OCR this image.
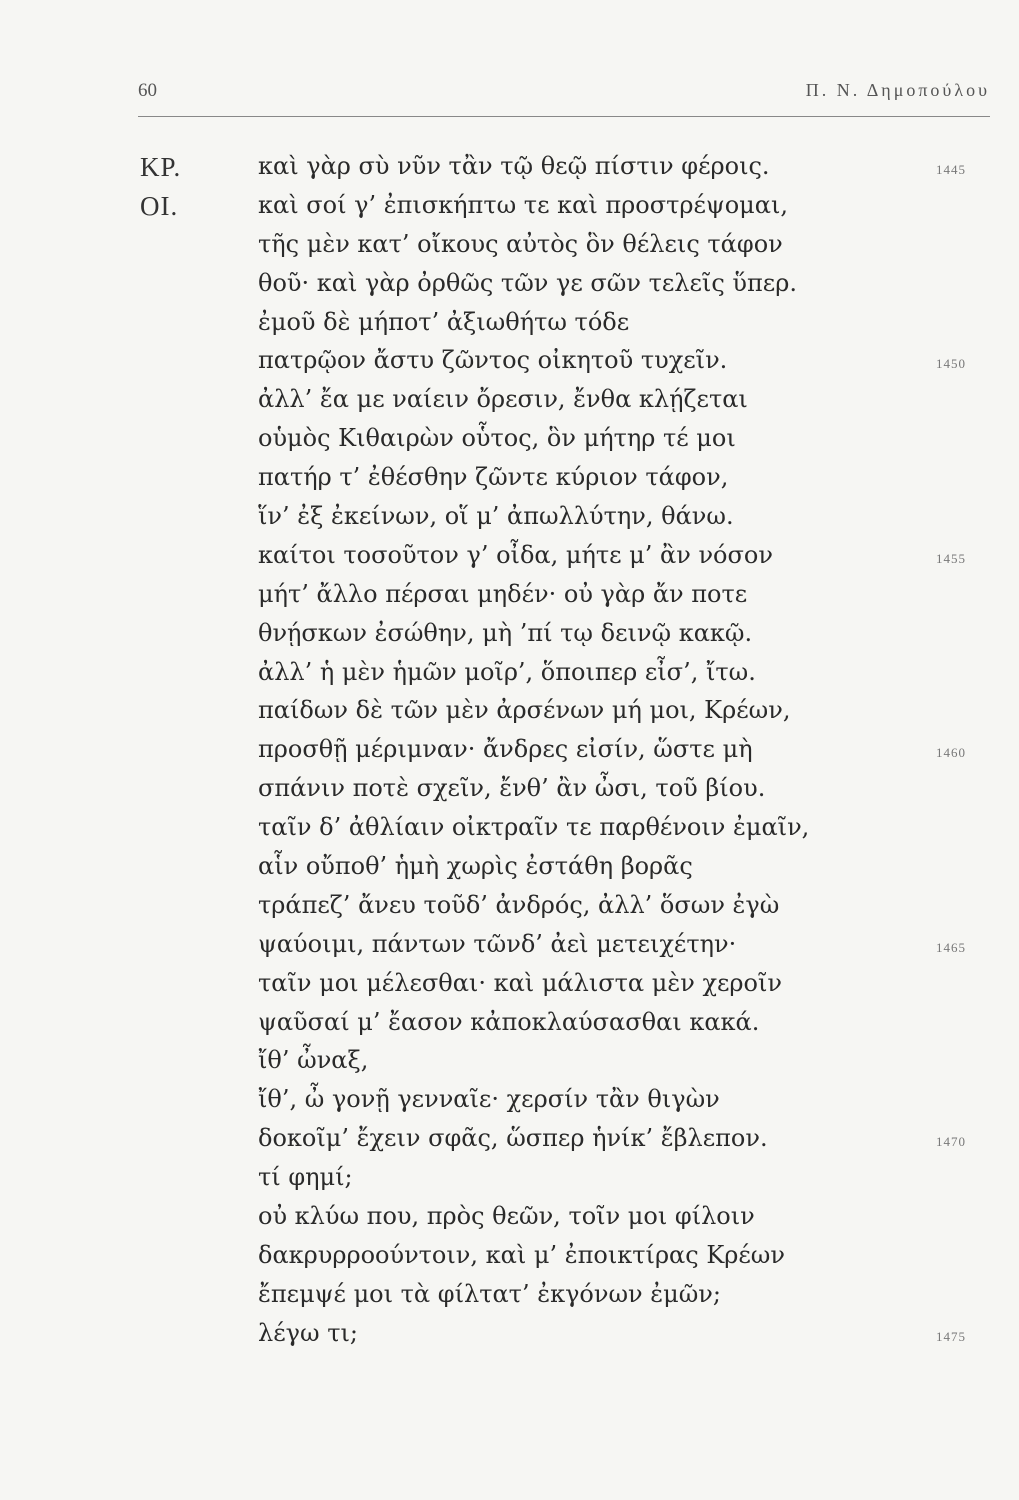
60	Π. Ν. Δημοπούλου
ΚΡ.	καὶ γὰρ σὺ νῦν τἂν τῷ θεῷ πίστιν φέροις.	1445
ΟΙ.	καὶ σοί γ’ ἐπισκήπτω τε καὶ προστρέψομαι,
τῆς μὲν κατ’ οἴκους αὐτὸς ὃν θέλεις τάφον
θοῦ· καὶ γὰρ ὀρθῶς τῶν γε σῶν τελεῖς ὕπερ.
ἐμοῦ δὲ μήποτ’ ἀξιωθήτω τόδε
πατρῷον ἄστυ ζῶντος οἰκητοῦ τυχεῖν.	1450
ἀλλ’ ἔα με ναίειν ὄρεσιν, ἔνθα κλῄζεται
οὑμὸς Κιθαιρὼν οὗτος, ὃν μήτηρ τέ μοι
πατήρ τ’ ἐθέσθην ζῶντε κύριον τάφον,
ἵν’ ἐξ ἐκείνων, οἵ μ’ ἀπωλλύτην, θάνω.
καίτοι τοσοῦτον γ’ οἶδα, μήτε μ’ ἂν νόσον	1455
μήτ’ ἄλλο πέρσαι μηδέν· οὐ γὰρ ἄν ποτε
θνῄσκων ἐσώθην, μὴ ’πί τῳ δεινῷ κακῷ.
ἀλλ’ ἡ μὲν ἡμῶν μοῖρ’, ὅποιπερ εἶσ’, ἴτω.
παίδων δὲ τῶν μὲν ἀρσένων μή μοι, Κρέων,
προσθῇ μέριμναν· ἄνδρες εἰσίν, ὥστε μὴ	1460
σπάνιν ποτὲ σχεῖν, ἔνθ’ ἂν ὦσι, τοῦ βίου.
ταῖν δ’ ἀθλίαιν οἰκτραῖν τε παρθένοιν ἐμαῖν,
αἷν οὔποθ’ ἡμὴ χωρὶς ἐστάθη βορᾶς
τράπεζ’ ἄνευ τοῦδ’ ἀνδρός, ἀλλ’ ὅσων ἐγὼ
ψαύοιμι, πάντων τῶνδ’ ἀεὶ μετειχέτην·	1465
ταῖν μοι μέλεσθαι· καὶ μάλιστα μὲν χεροῖν
ψαῦσαί μ’ ἔασον κἀποκλαύσασθαι κακά.
ἴθ’ ὦναξ,
ἴθ’, ὦ γονῇ γενναῖε· χερσίν τἂν θιγὼν
δοκοῖμ’ ἔχειν σφᾶς, ὥσπερ ἡνίκ’ ἔβλεπον.	1470
τί φημί;
οὐ κλύω που, πρὸς θεῶν, τοῖν μοι φίλοιν
δακρυρροούντοιν, καὶ μ’ ἐποικτίρας Κρέων
ἔπεμψέ μοι τὰ φίλτατ’ ἐκγόνων ἐμῶν;
λέγω τι;	1475
